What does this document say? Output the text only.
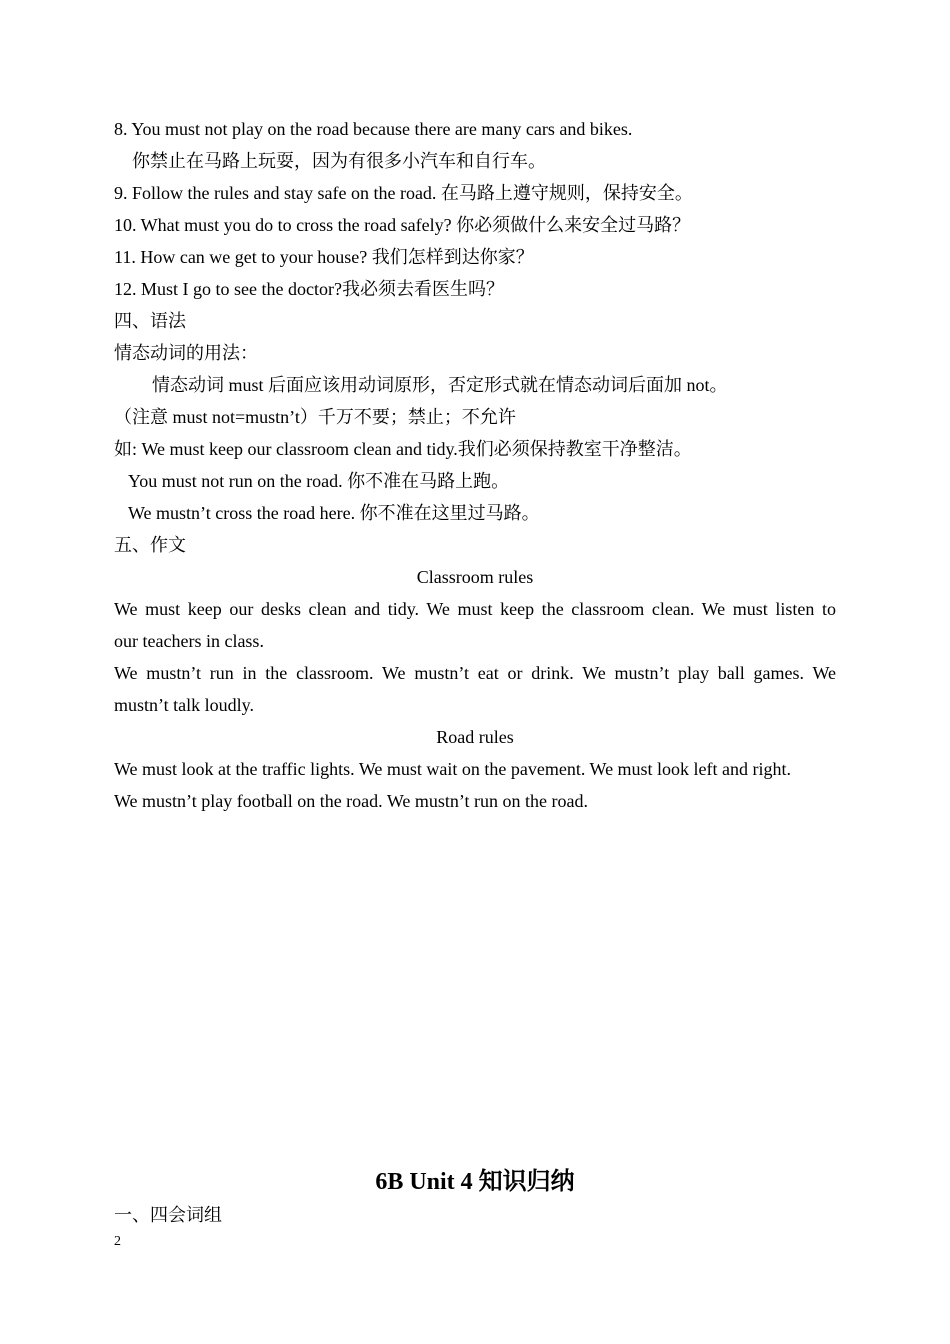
8. You must not play on the road because there are many cars and bikes.
你禁止在马路上玩耍，因为有很多小汽车和自行车。
9. Follow the rules and stay safe on the road. 在马路上遵守规则，保持安全。
10. What must you do to cross the road safely? 你必须做什么来安全过马路？
11. How can we get to your house? 我们怎样到达你家？
12. Must I go to see the doctor?我必须去看医生吗？
四、语法
情态动词的用法：
情态动词 must 后面应该用动词原形，否定形式就在情态动词后面加 not。
（注意 must not=mustn’t）千万不要；禁止；不允许
如: We must keep our classroom clean and tidy.我们必须保持教室干净整洁。
You must not run on the road. 你不准在马路上跑。
We mustn’t cross the road here. 你不准在这里过马路。
五、作文
Classroom rules
We must keep our desks clean and tidy. We must keep the classroom clean. We must listen to
our teachers in class.
We mustn’t run in the classroom. We mustn’t eat or drink. We mustn’t play ball games. We
mustn’t talk loudly.
Road rules
We must look at the traffic lights. We must wait on the pavement. We must look left and right.
We mustn’t play football on the road. We mustn’t run on the road.
6B Unit 4 知识归纳
一、四会词组
2
